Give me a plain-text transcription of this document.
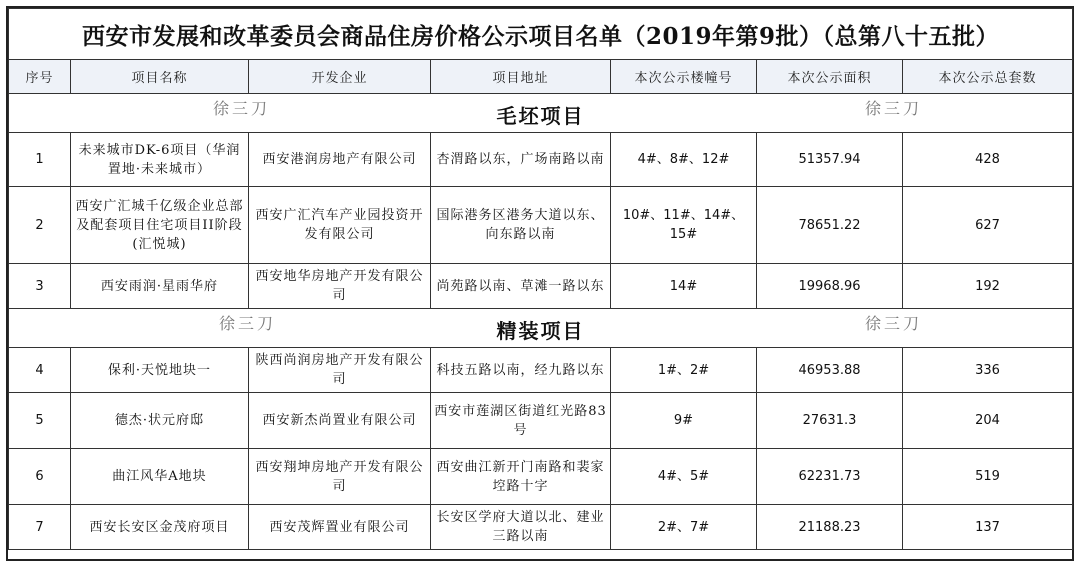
西安市发展和改革委员会商品住房价格公示项目名单（2019年第9批）（总第八十五批）						
序号	项目名称	开发企业	项目地址	本次公示楼幢号	本次公示面积	本次公示总套数

徐三刀 毛坯项目 徐三刀						

1	未来城市DK-6项目（华润置地·未来城市）	西安港润房地产有限公司	杏渭路以东，广场南路以南	4#、8#、12#	51357.94	428
2	西安广汇城千亿级企业总部及配套项目住宅项目II阶段(汇悦城)	西安广汇汽车产业园投资开发有限公司	国际港务区港务大道以东、向东路以南	10#、11#、14#、15#	78651.22	627
3	西安雨润·星雨华府	西安地华房地产开发有限公司	尚苑路以南、草滩一路以东	14#	19968.96	192

徐三刀 精装项目 徐三刀						

4	保利·天悦地块一	陕西尚润房地产开发有限公司	科技五路以南，经九路以东	1#、2#	46953.88	336
5	德杰·状元府邸	西安新杰尚置业有限公司	西安市莲湖区街道红光路83号	9#	27631.3	204
6	曲江风华A地块	西安翔坤房地产开发有限公司	西安曲江新开门南路和裴家埪路十字	4#、5#	62231.73	519
7	西安长安区金茂府项目	西安茂辉置业有限公司	长安区学府大道以北、建业三路以南	2#、7#	21188.23	137
